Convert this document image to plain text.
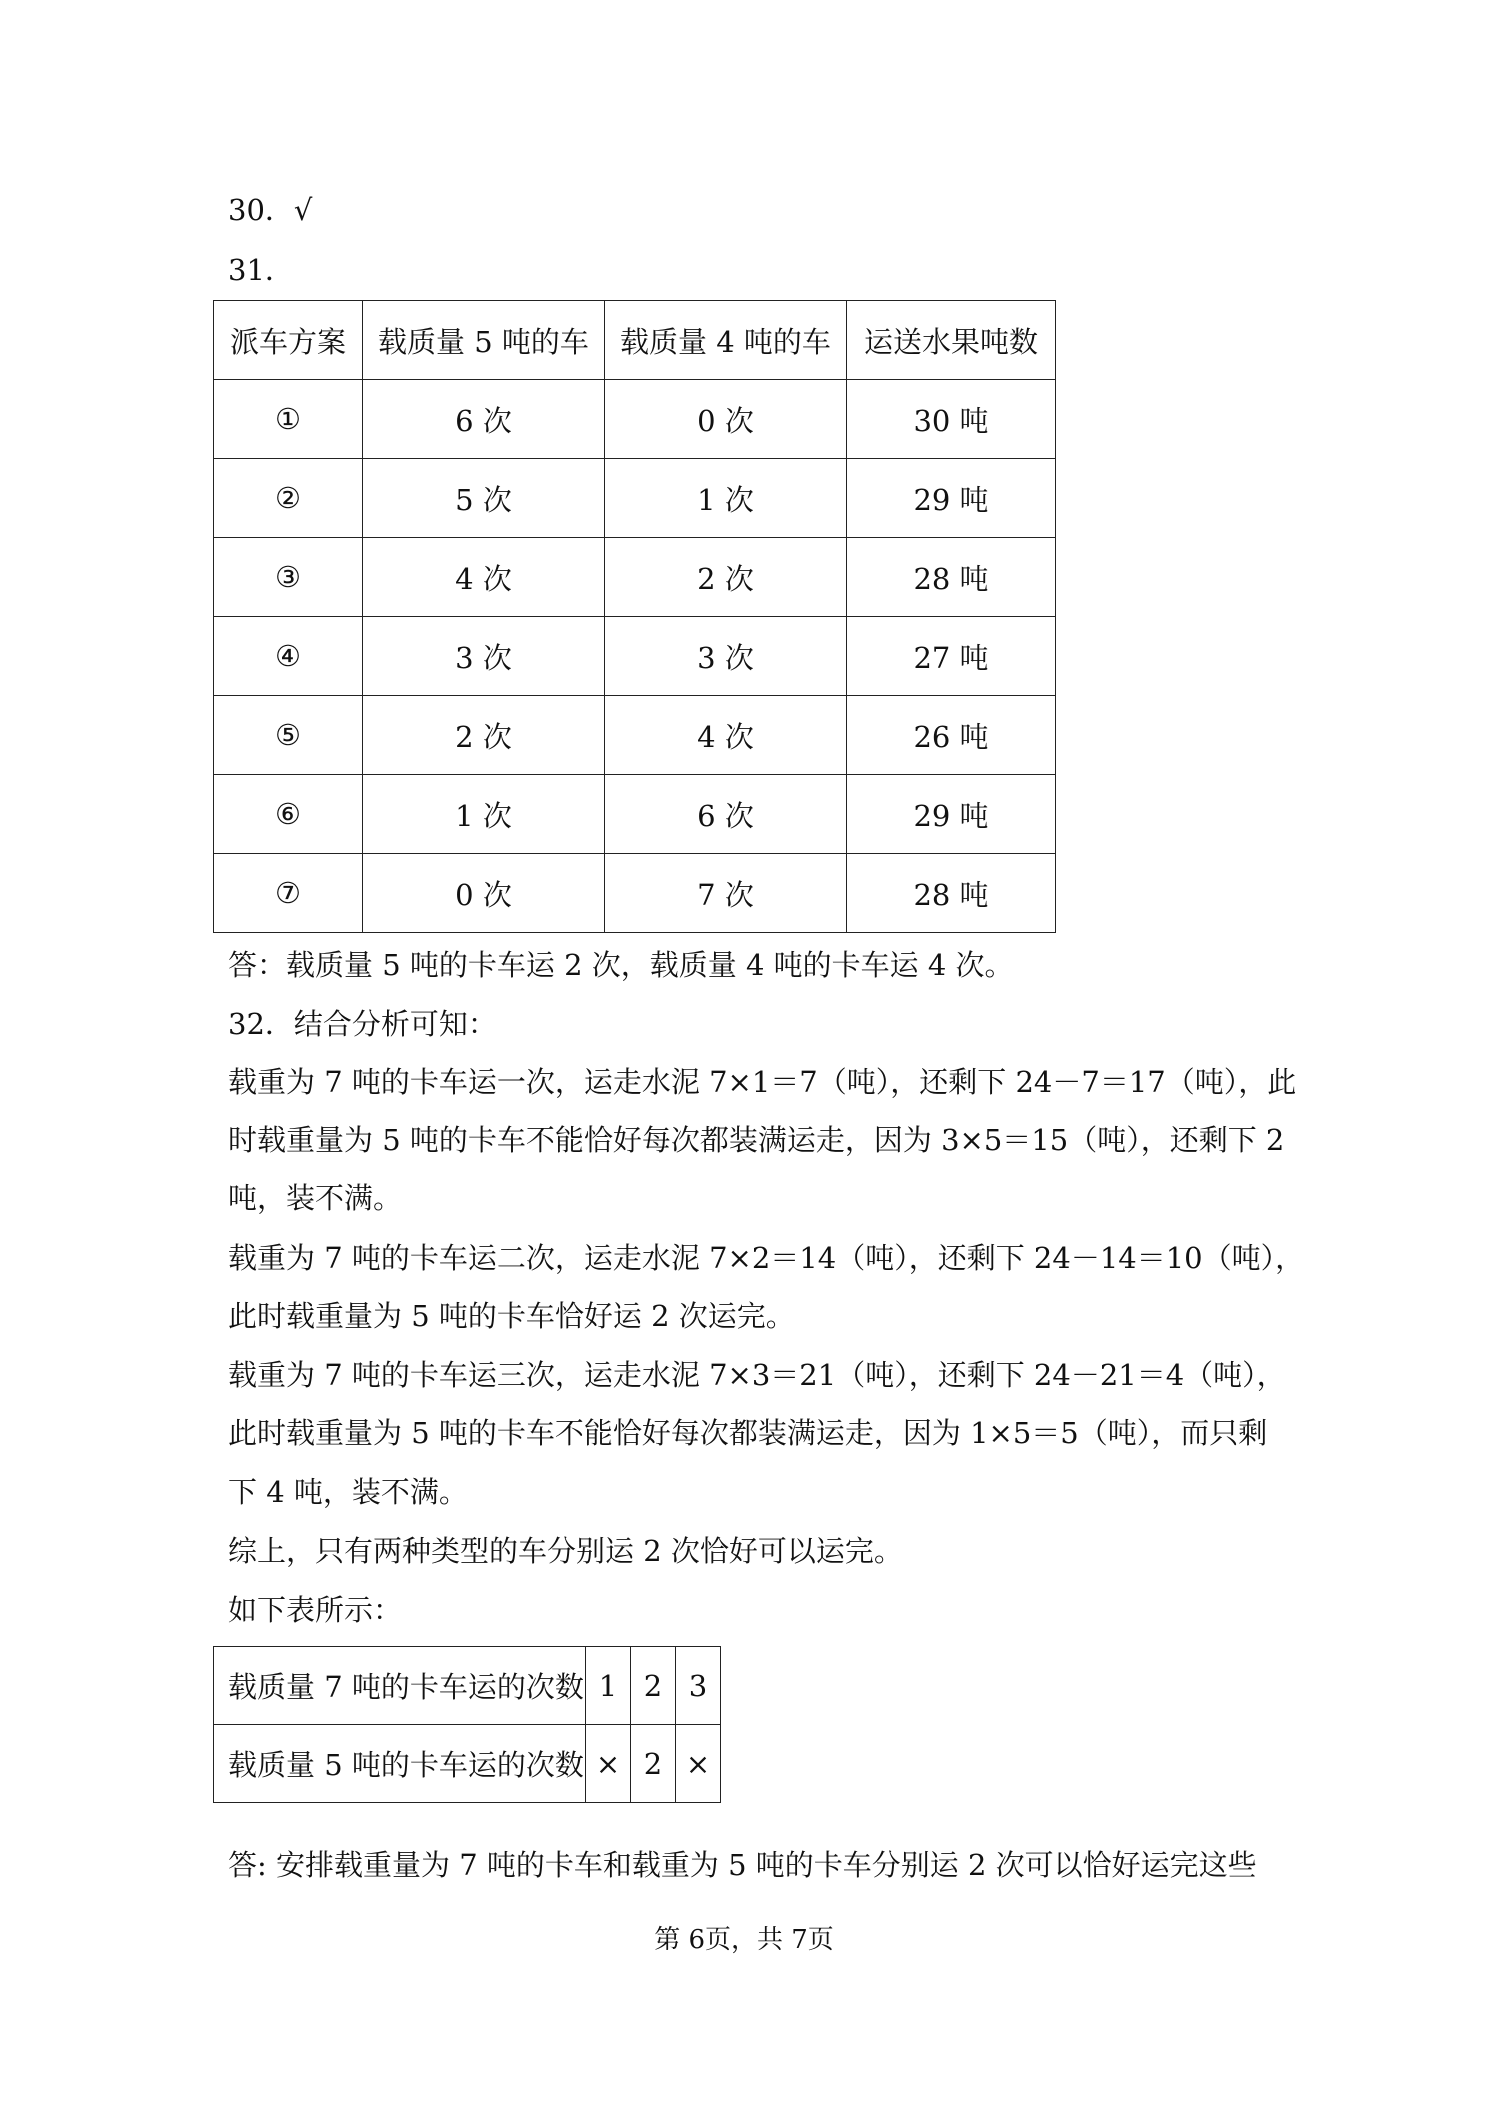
30．√
31．
派车方案	载质量 5 吨的车	载质量 4 吨的车	运送水果吨数
①	6 次	0 次	30 吨
②	5 次	1 次	29 吨
③	4 次	2 次	28 吨
④	3 次	3 次	27 吨
⑤	2 次	4 次	26 吨
⑥	1 次	6 次	29 吨
⑦	0 次	7 次	28 吨
答：载质量 5 吨的卡车运 2 次，载质量 4 吨的卡车运 4 次。
32．结合分析可知：
载重为 7 吨的卡车运一次，运走水泥 7×1＝7（吨），还剩下 24－7＝17（吨），此
时载重量为 5 吨的卡车不能恰好每次都装满运走，因为 3×5＝15（吨），还剩下 2
吨，装不满。
载重为 7 吨的卡车运二次，运走水泥 7×2＝14（吨），还剩下 24－14＝10（吨），
此时载重量为 5 吨的卡车恰好运 2 次运完。
载重为 7 吨的卡车运三次，运走水泥 7×3＝21（吨），还剩下 24－21＝4（吨），
此时载重量为 5 吨的卡车不能恰好每次都装满运走，因为 1×5＝5（吨），而只剩
下 4 吨，装不满。
综上，只有两种类型的车分别运 2 次恰好可以运完。
如下表所示：
载质量 7 吨的卡车运的次数	1	2	3
载质量 5 吨的卡车运的次数	×	2	×
答: 安排载重量为 7 吨的卡车和载重为 5 吨的卡车分别运 2 次可以恰好运完这些
第 6页，共 7页
